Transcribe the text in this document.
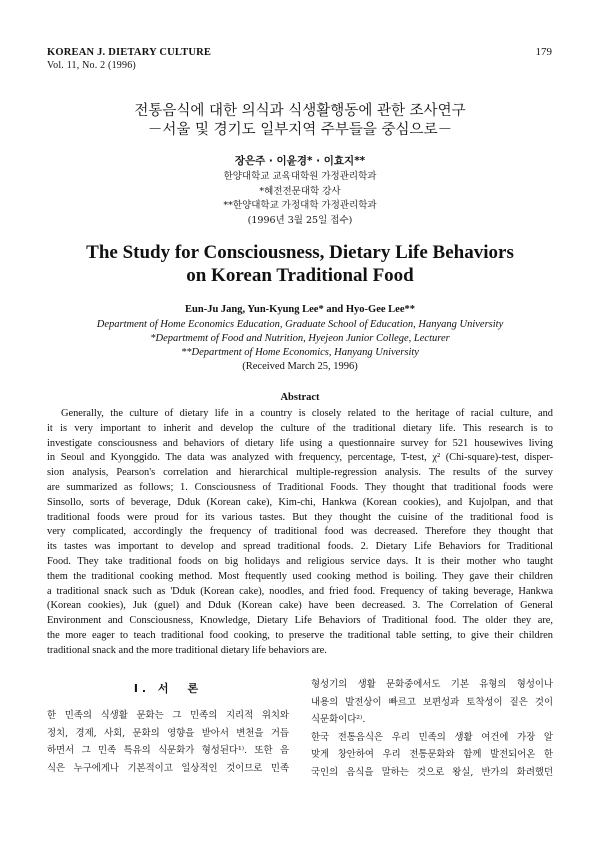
KOREAN J. DIETARY CULTURE
Vol. 11, No. 2 (1996)
179
전통음식에 대한 의식과 식생활행동에 관한 조사연구
－서울 및 경기도 일부지역 주부들을 중심으로－
장은주 · 이윤경* · 이효지**
한양대학교 교육대학원 가정관리학과
*혜전전문대학 강사
**한양대학교 가정대학 가정관리학과
(1996년 3월 25일 접수)
The Study for Consciousness, Dietary Life Behaviors
on Korean Traditional Food
Eun-Ju Jang, Yun-Kyung Lee* and Hyo-Gee Lee**
Department of Home Economics Education, Graduate School of Education, Hanyang University
*Departmemt of Food and Nutrition, Hyejeon Junior College, Lecturer
**Department of Home Economics, Hanyang University
(Received March 25, 1996)
Abstract
Generally, the culture of dietary life in a country is closely related to the heritage of racial culture, and
it is very important to inherit and develop the culture of the traditional dietary life. This research is to
investigate consciousness and behaviors of dietary life using a questionnaire survey for 521 housewives living
in Seoul and Kyonggido. The data was analyzed with frequency, percentage, T-test, χ² (Chi-square)-test, disper-
sion analysis, Pearson's correlation and hierarchical multiple-regression analysis. The results of the survey
are summarized as follows; 1. Consciousness of Traditional Foods. They thought that traditional foods were
Sinsollo, sorts of beverage, Dduk (Korean cake), Kim-chi, Hankwa (Korean cookies), and Kujolpan, and that
traditional foods were proud for its various tastes. But they thought the cuisine of the traditional food is
very complicated, accordingly the frequency of traditional food was decreased. Therefore they thought that
its tastes was important to develop and spread traditional foods. 2. Dietary Life Behaviors for Traditional
Food. They take traditional foods on big holidays and religious service days. It is their mother who taught
them the traditional cooking method. Most ftequently used cooking method is boiling. They gave their children
a traditional snack such as 'Dduk (Korean cake), noodles, and fried food. Frequency of taking beverage, Hankwa
(Korean cookies), Juk (guel) and Dduk (Korean cake) have been decreased. 3. The Correlation of General
Environment and Consciousness, Knowledge, Dietary Life Behaviors of Traditional food. The older they are,
the more eager to teach traditional food cooking, to preserve the traditional table setting, to give their children
traditional snack and the more traditional dietary life behaviors are.
I. 서　론
한 민족의 식생활 문화는 그 민족의 지리적 위치와
정치, 경제, 사회, 문화의 영향을 받아서 변천을 거듭
하면서 그 민족 특유의 식문화가 형성된다¹⁾. 또한 음
식은 누구에게나 기본적이고 일상적인 것이므로 민족
형성기의 생활 문화중에서도 기본 유형의 형성이나
내용의 발전상이 빠르고 보편성과 토착성이 짙은 것이
식문화이다²⁾.
한국 전통음식은 우리 민족의 생활 여건에 가장 알
맞게 창안하여 우리 전통문화와 함께 발전되어온 한
국인의 음식을 말하는 것으로 왕실, 반가의 화려했던
